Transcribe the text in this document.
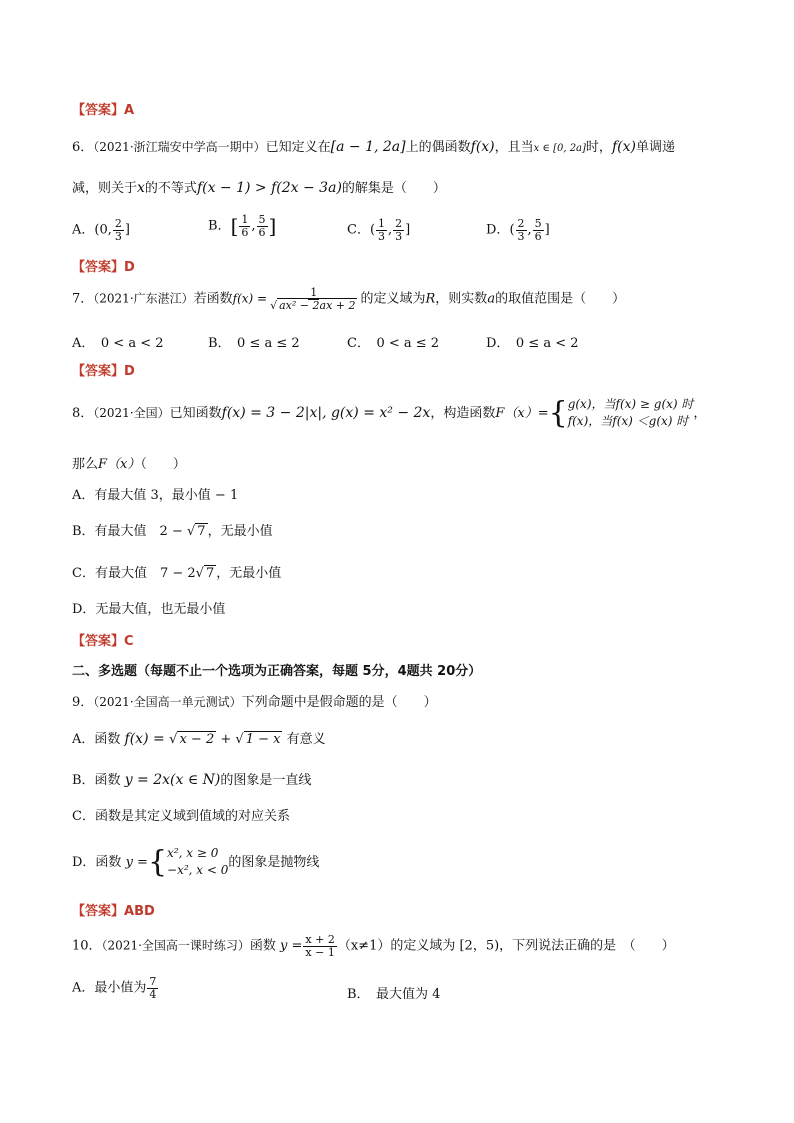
【答案】A
6．（2021·浙江瑞安中学高一期中）已知定义在[a − 1, 2a]上的偶函数f(x)，且当x ∈ [0, 2a]时，f(x)单调递
减，则关于x的不等式f(x − 1) > f(2x − 3a)的解集是（　　）
A．(0, $\frac{2}{3}$ ]	B．[ $\frac{1}{6}$ , $\frac{5}{6}$ ]	C．( $\frac{1}{3}$ , $\frac{2}{3}$ ]	D．( $\frac{2}{3}$ , $\frac{5}{6}$ ]
【答案】D
7．（2021·广东湛江）若函数$f(x) = \frac{1}{\text{√ ax² − 2ax + 2}}$ 的定义域为R，则实数a的取值范围是（　　）
A．　0 < a < 2	B．　0 ≤ a ≤ 2	C．　0 < a ≤ 2	D．　0 ≤ a < 2
【答案】D
8．（2021·全国）已知函数f(x) = 3 − 2|x|, g(x) = x² − 2x，构造函数F（x）={ g(x)，当f(x) ≥ g(x) 时
f(x)，当f(x) ＜g(x) 时
，
那么F（x）（　　）
A．有最大值 3，最小值 − 1
B．有最大值　2 − √ 7 ，无最小值
C．有最大值　7 − 2√ 7 ，无最小值
D．无最大值，也无最小值
【答案】C
二、多选题（每题不止一个选项为正确答案，每题 5分，4题共 20分）
9．（2021·全国高一单元测试）下列命题中是假命题的是（　　）
A．函数 f(x) = √ x − 2 + √ 1 − x 有意义
B．函数 y = 2x(x ∈ N)的图象是一直线
C．函数是其定义域到值域的对应关系
D．函数 y ={ x², x ≥ 0
−x², x < 0
的图象是抛物线
【答案】ABD
10．（2021·全国高一课时练习）函数 $y = \frac{x + 2}{x - 1} (x\ne 1)$的定义域为 [2，5)，下列说法正确的是　（　　）
A．最小值为 $\frac{7}{4}$	B．　最大值为 4
